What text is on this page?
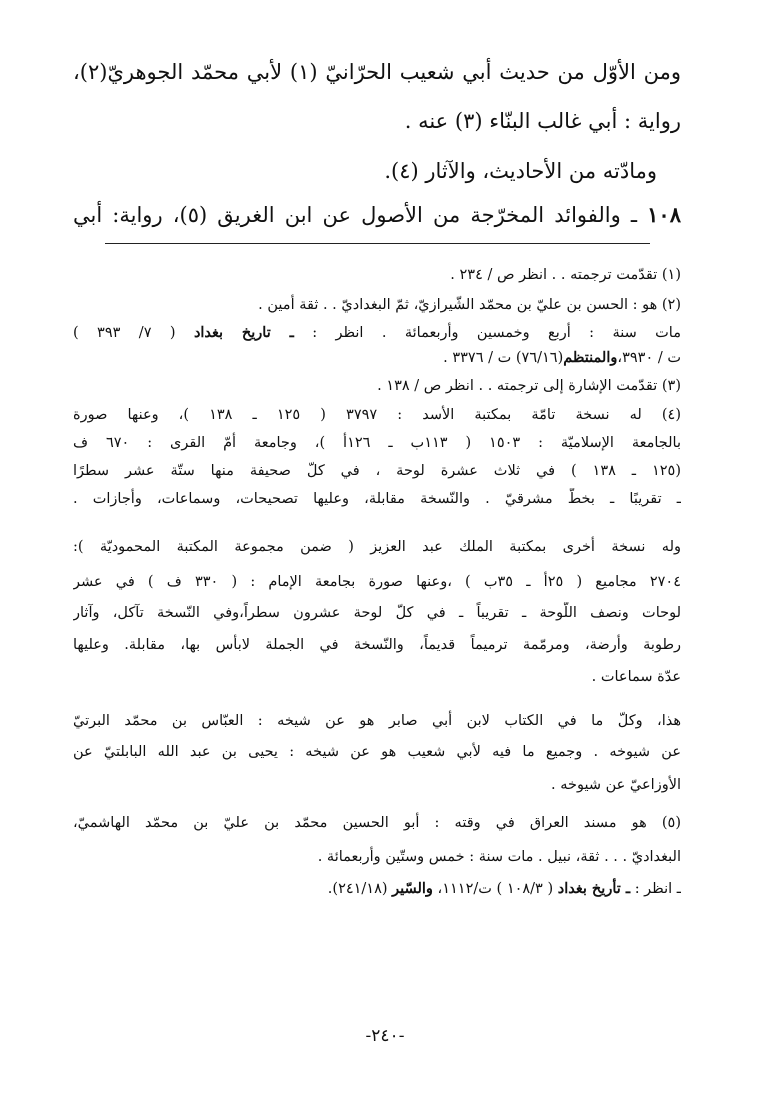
ومن الأوّل من حديث أبي شعيب الحرّانيّ (١) لأبي محمّد الجوهريّ(٢)،
رواية : أبي غالب البنّاء (٣) عنه .
ومادّته من الأحاديث، والآثار (٤).
١٠٨ ـ والفوائد المخرّجة من الأصول عن ابن الغريق (٥)، رواية: أبي
(١) تقدّمت ترجمته . . انظر ص / ٢٣٤ .
(٢) هو : الحسن بن عليّ بن محمّد الشّيرازيّ، ثمّ البغداديّ . . ثقة أمين .
مات سنة : أربع وخمسين وأربعمائة . انظر : ـ تاريخ بغداد ( ٧/ ٣٩٣ )
ت / ٣٩٣٠،والمنتظم(٧٦/١٦) ت / ٣٣٧٦ .
(٣) تقدّمت الإشارة إلى ترجمته . . انظر ص / ١٣٨ .
(٤) له نسخة تامّة بمكتبة الأسد : ٣٧٩٧ ( ١٢٥ ـ ١٣٨ )، وعنها صورة
بالجامعة الإسلاميّة : ١٥٠٣ ( ١١٣ب ـ ١٢٦أ )، وجامعة أمّ القرى : ٦٧٠ ف
(١٢٥ ـ ١٣٨ ) في ثلاث عشرة لوحة ، في كلّ صحيفة منها ستّة عشر سطرًا
ـ تقريبًا ـ بخطّ مشرقيّ . والنّسخة مقابلة، وعليها تصحيحات، وسماعات، وأجازات .
وله نسخة أخرى بمكتبة الملك عبد العزيز ( ضمن مجموعة المكتبة المحموديّة ):
٢٧٠٤ مجاميع ( ٢٥أ ـ ٣٥ب ) ،وعنها صورة بجامعة الإمام : ( ٣٣٠ ف ) في عشر
لوحات ونصف اللّوحة ـ تقريباً ـ في كلّ لوحة عشرون سطراً،وفي النّسخة تآكل، وآثار
رطوبة وأرضة، ومرمّمة ترميماً قديماً، والنّسخة في الجملة لابأس بها، مقابلة. وعليها
عدّة سماعات .
هذا، وكلّ ما في الكتاب لابن أبي صابر هو عن شيخه : العبّاس بن محمّد البرتيّ
عن شيوخه . وجميع ما فيه لأبي شعيب هو عن شيخه : يحيى بن عبد الله البابلتيّ عن
الأوزاعيّ عن شيوخه .
(٥) هو مسند العراق في وقته : أبو الحسين محمّد بن عليّ بن محمّد الهاشميّ،
البغداديّ . . . ثقة، نبيل . مات سنة : خمس وستّين وأربعمائة .
ـ انظر : ـ تأريخ بغداد ( ١٠٨/٣ ) ت/١١١٢، والسّير (٢٤١/١٨).
-٢٤٠-
